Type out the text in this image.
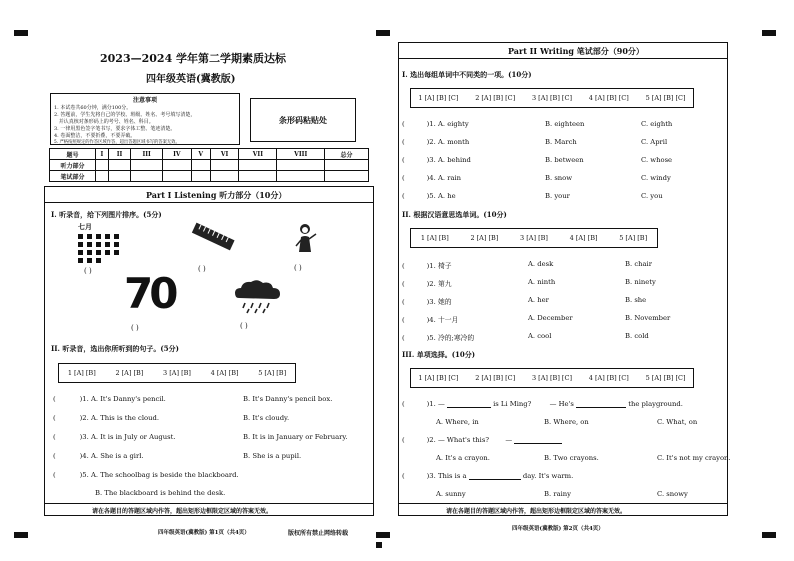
2023—2024 学年第二学期素质达标
四年级英语(冀教版)
注意事项
1. 本试卷共60分钟，满分100分。
2. 答题前，学生先将自己的学校、班级、姓名、考号填写清楚，
并认真核对条形码上的考号、姓名、科目。
3. 一律用黑色签字笔书写，要求字体工整、笔迹清楚。
4. 卷面整洁，不要折叠，不要弄破。
5. 严格按照规定的作答区域作答，超出答题区域书写的答案无效。
条形码粘贴处
题号	I	II	III	IV	V	VI	VII	VIII	总分
听力部分									
笔试部分									
Part I Listening 听力部分（10分）
I. 听录音，给下列图片排序。(5分)
七月
( )	( )	( )
70
( )	( )
II. 听录音，选出你所听到的句子。(5分)
1 [A] [B]	2 [A] [B]	3 [A] [B]	4 [A] [B]	5 [A] [B]
(	)1. A. It's Danny's pencil.	B. It's Danny's pencil box.
(	)2. A. This is the cloud.	B. It's cloudy.
(	)3. A. It is in July or August.	B. It is in January or February.
(	)4. A. She is a girl.	B. She is a pupil.
(	)5. A. The schoolbag is beside the blackboard.
B. The blackboard is behind the desk.
请在各题目的答题区域内作答，超出矩形边框限定区域的答案无效。
四年级英语(冀教版) 第1页（共4页）	版权所有禁止网络转载
Part II Writing 笔试部分（90分）
I. 选出每组单词中不同类的一项。(10分)
1 [A] [B] [C]	2 [A] [B] [C]	3 [A] [B] [C]	4 [A] [B] [C]	5 [A] [B] [C]
(	)1. A. eighty	B. eighteen	C. eighth
(	)2. A. month	B. March	C. April
(	)3. A. behind	B. between	C. whose
(	)4. A. rain	B. snow	C. windy
(	)5. A. he	B. your	C. you
II. 根据汉语意思选单词。(10分)
1 [A] [B]	2 [A] [B]	3 [A] [B]	4 [A] [B]	5 [A] [B]
(	)1. 椅子	A. desk	B. chair
(	)2. 第九	A. ninth	B. ninety
(	)3. 她的	A. her	B. she
(	)4. 十一月	A. December	B. November
(	)5. 冷的;寒冷的	A. cool	B. cold
III. 单项选择。(10分)
1 [A] [B] [C]	2 [A] [B] [C]	3 [A] [B] [C]	4 [A] [B] [C]	5 [A] [B] [C]
(	)1. —	is Li Ming?	— He's	the playground.
A. Where, in	B. Where, on	C. What, on
(	)2. — What's this? —
A. It's a crayon.	B. Two crayons.	C. It's not my crayon.
(	)3. This is a	day. It's warm.
A. sunny	B. rainy	C. snowy
请在各题目的答题区域内作答，超出矩形边框限定区域的答案无效。
四年级英语(冀教版) 第2页（共4页）
